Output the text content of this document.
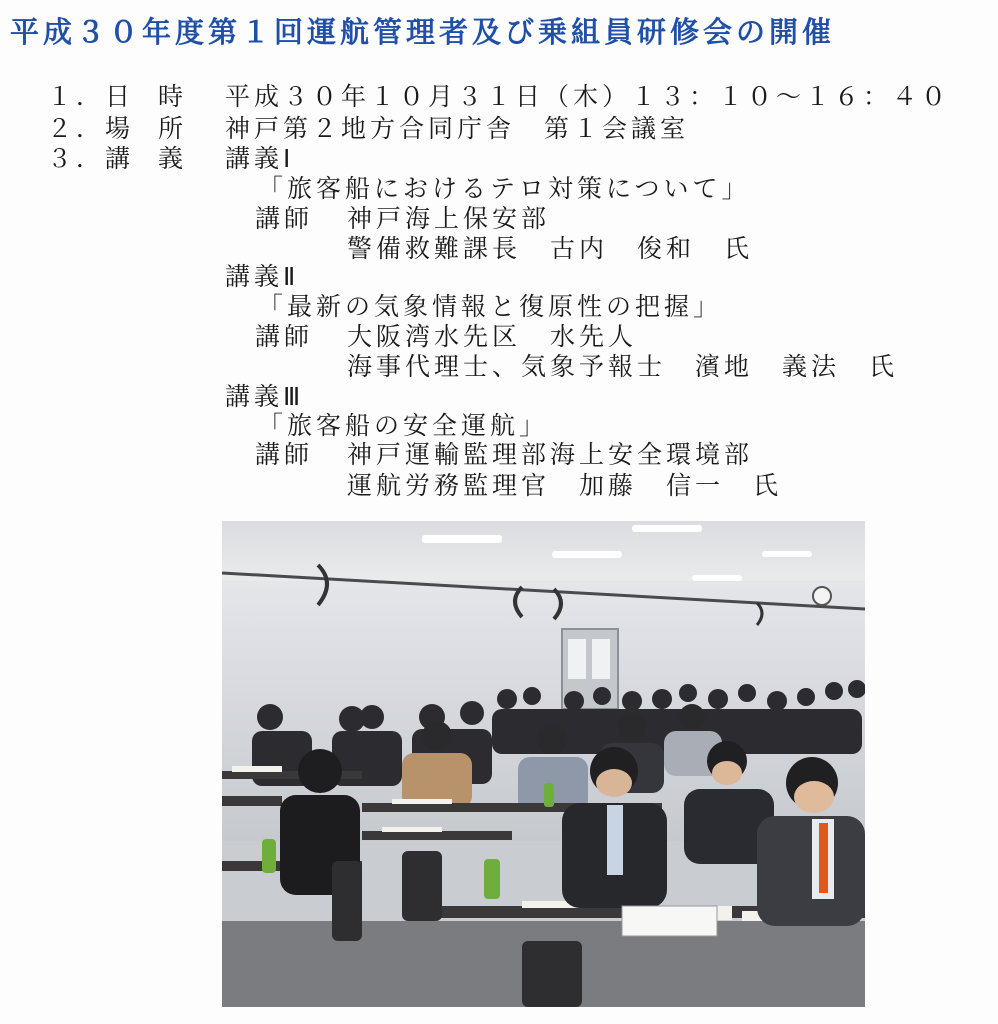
平成３０年度第１回運航管理者及び乗組員研修会の開催
１． 日時 平成３０年１０月３１日（木）１３：１０～１６：４０
２． 場所 神戸第２地方合同庁舎　第１会議室
３． 講義 講義Ⅰ
「旅客船におけるテロ対策について」
講師 神戸海上保安部
警備救難課長　古内　俊和　氏
講義Ⅱ
「最新の気象情報と復原性の把握」
講師 大阪湾水先区　水先人
海事代理士、気象予報士　濱地　義法　氏
講義Ⅲ
「旅客船の安全運航」
講師 神戸運輸監理部海上安全環境部
運航労務監理官　加藤　信一　氏
